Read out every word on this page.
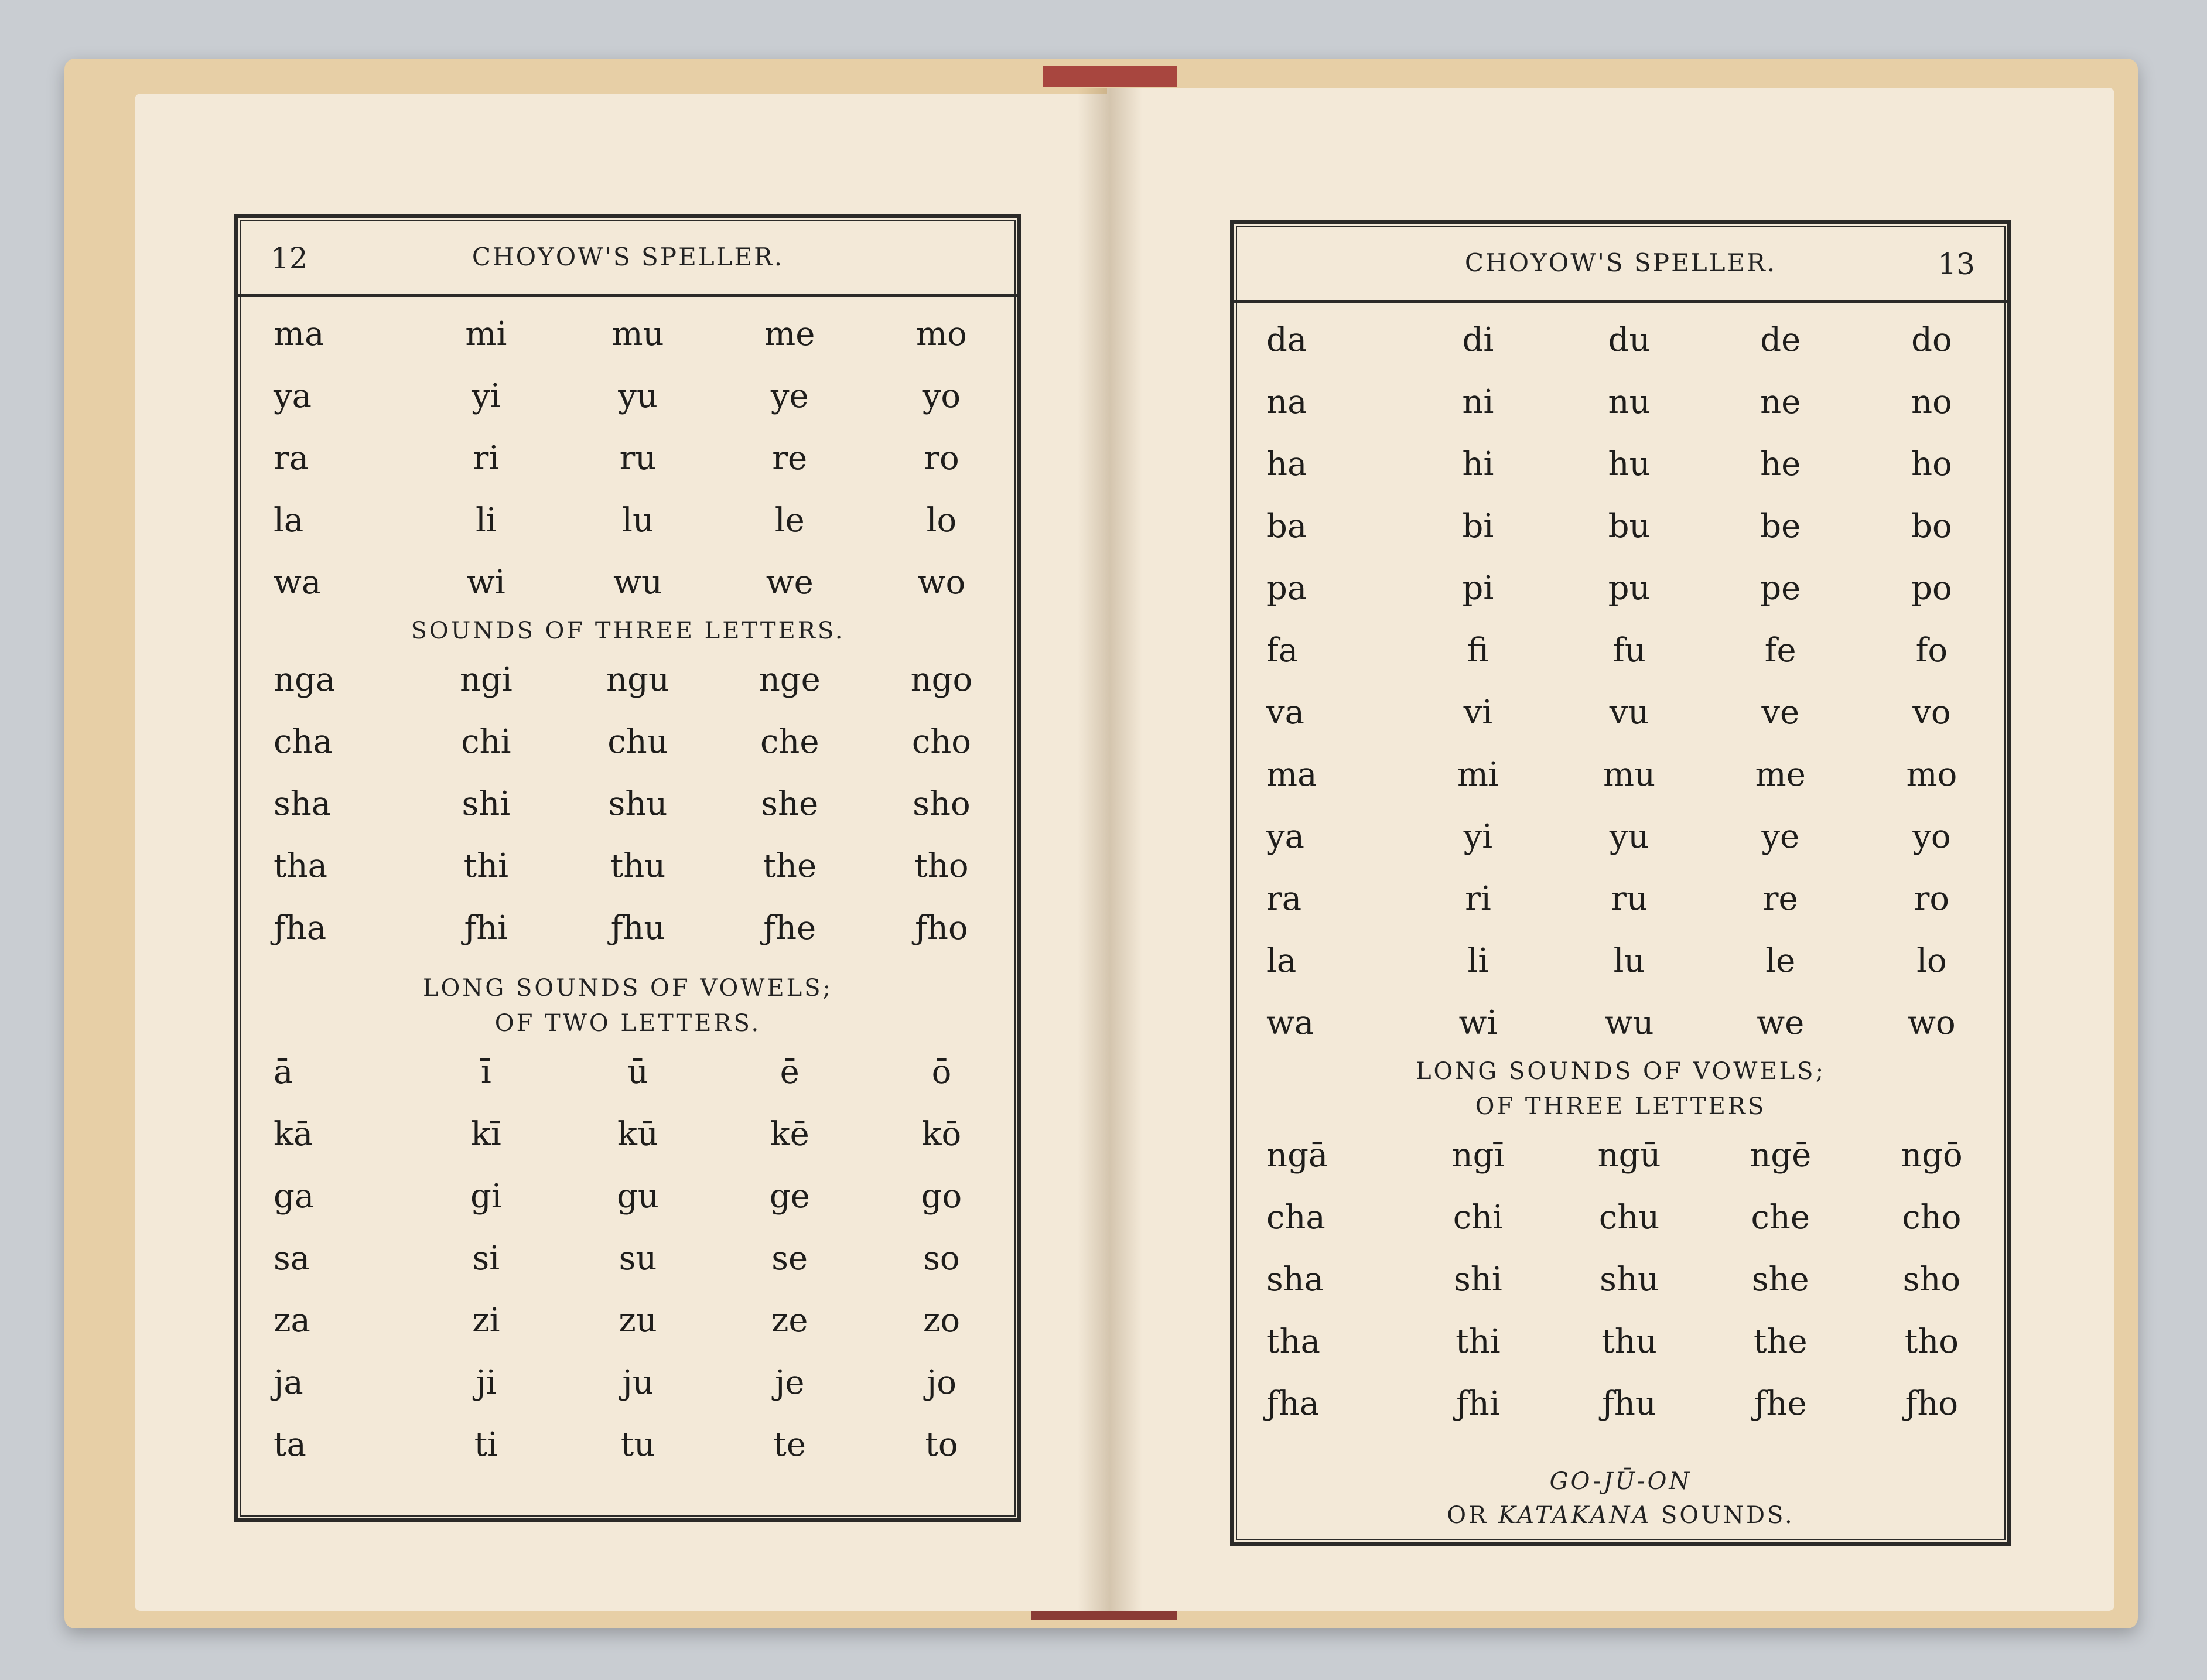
12	CHOYOW'S SPELLER.
ma	mi	mu	me	mo
ya	yi	yu	ye	yo
ra	ri	ru	re	ro
la	li	lu	le	lo
wa	wi	wu	we	wo
SOUNDS OF THREE LETTERS.
nga	ngi	ngu	nge	ngo
cha	chi	chu	che	cho
sha	shi	shu	she	sho
tha	thi	thu	the	tho
ƒha	ƒhi	ƒhu	ƒhe	ƒho
LONG SOUNDS OF VOWELS;
OF TWO LETTERS.
ā	ī	ū	ē	ō
kā	kī	kū	kē	kō
ga	gi	gu	ge	go
sa	si	su	se	so
za	zi	zu	ze	zo
ja	ji	ju	je	jo
ta	ti	tu	te	to
CHOYOW'S SPELLER.	13
da	di	du	de	do
na	ni	nu	ne	no
ha	hi	hu	he	ho
ba	bi	bu	be	bo
pa	pi	pu	pe	po
fa	fi	fu	fe	fo
va	vi	vu	ve	vo
ma	mi	mu	me	mo
ya	yi	yu	ye	yo
ra	ri	ru	re	ro
la	li	lu	le	lo
wa	wi	wu	we	wo
LONG SOUNDS OF VOWELS;
OF THREE LETTERS
ngā	ngī	ngū	ngē	ngō
cha	chi	chu	che	cho
sha	shi	shu	she	sho
tha	thi	thu	the	tho
ƒha	ƒhi	ƒhu	ƒhe	ƒho
GO-JŪ-ON
OR KATAKANA SOUNDS.
